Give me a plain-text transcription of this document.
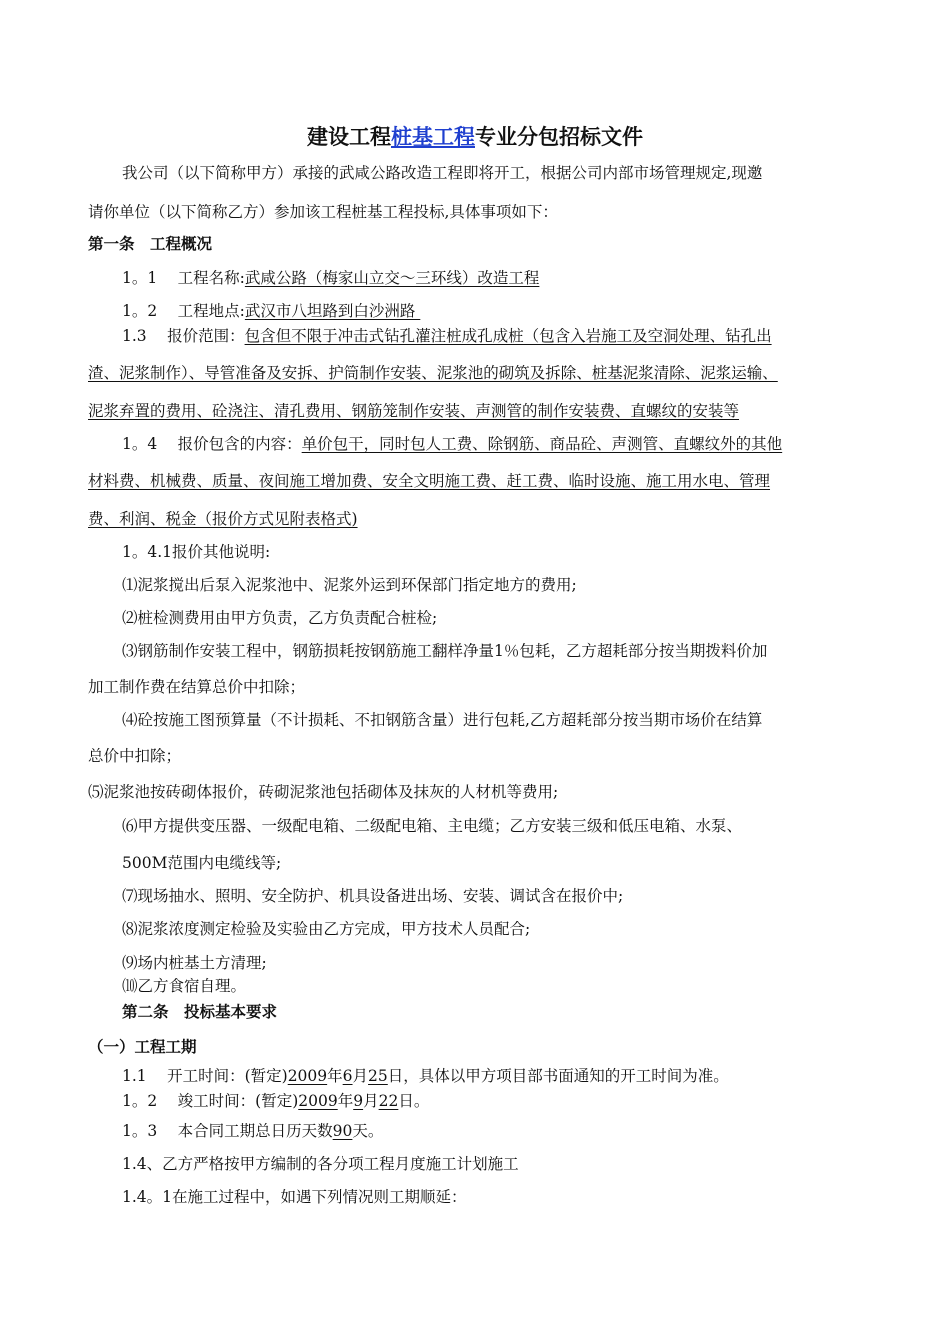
建设工程桩基工程专业分包招标文件
我公司（以下简称甲方）承接的武咸公路改造工程即将开工，根据公司内部市场管理规定,现邀
请你单位（以下简称乙方）参加该工程桩基工程投标,具体事项如下：
第一条　工程概况
1。1　 工程名称:武咸公路（梅家山立交～三环线）改造工程
1。2　 工程地点:武汉市八坦路到白沙洲路
1.3　 报价范围：包含但不限于冲击式钻孔灌注桩成孔成桩（包含入岩施工及空洞处理、钻孔出
渣、泥浆制作）、导管准备及安拆、护筒制作安装、泥浆池的砌筑及拆除、桩基泥浆清除、泥浆运输、
泥浆弃置的费用、砼浇注、清孔费用、钢筋笼制作安装、声测管的制作安装费、直螺纹的安装等
1。4　 报价包含的内容：单价包干，同时包人工费、除钢筋、商品砼、声测管、直螺纹外的其他
材料费、机械费、质量、夜间施工增加费、安全文明施工费、赶工费、临时设施、施工用水电、管理
费、利润、税金（报价方式见附表格式)
1。4.1报价其他说明:
⑴泥浆搅出后泵入泥浆池中、泥浆外运到环保部门指定地方的费用;
⑵桩检测费用由甲方负责，乙方负责配合桩检;
⑶钢筋制作安装工程中，钢筋损耗按钢筋施工翻样净量1％包耗，乙方超耗部分按当期拨料价加
加工制作费在结算总价中扣除；
⑷砼按施工图预算量（不计损耗、不扣钢筋含量）进行包耗,乙方超耗部分按当期市场价在结算
总价中扣除；
⑸泥浆池按砖砌体报价，砖砌泥浆池包括砌体及抹灰的人材机等费用;
⑹甲方提供变压器、一级配电箱、二级配电箱、主电缆；乙方安装三级和低压电箱、水泵、
500M范围内电缆线等;
⑺现场抽水、照明、安全防护、机具设备进出场、安装、调试含在报价中;
⑻泥浆浓度测定检验及实验由乙方完成，甲方技术人员配合;
⑼场内桩基土方清理;
⑽乙方食宿自理。
第二条　投标基本要求
（一）工程工期
1.1　 开工时间：(暂定)2009年6月25日，具体以甲方项目部书面通知的开工时间为准。
1。2　 竣工时间：(暂定)2009年9月22日。
1。3　 本合同工期总日历天数90天。
1.4、乙方严格按甲方编制的各分项工程月度施工计划施工
1.4。1在施工过程中，如遇下列情况则工期顺延：
